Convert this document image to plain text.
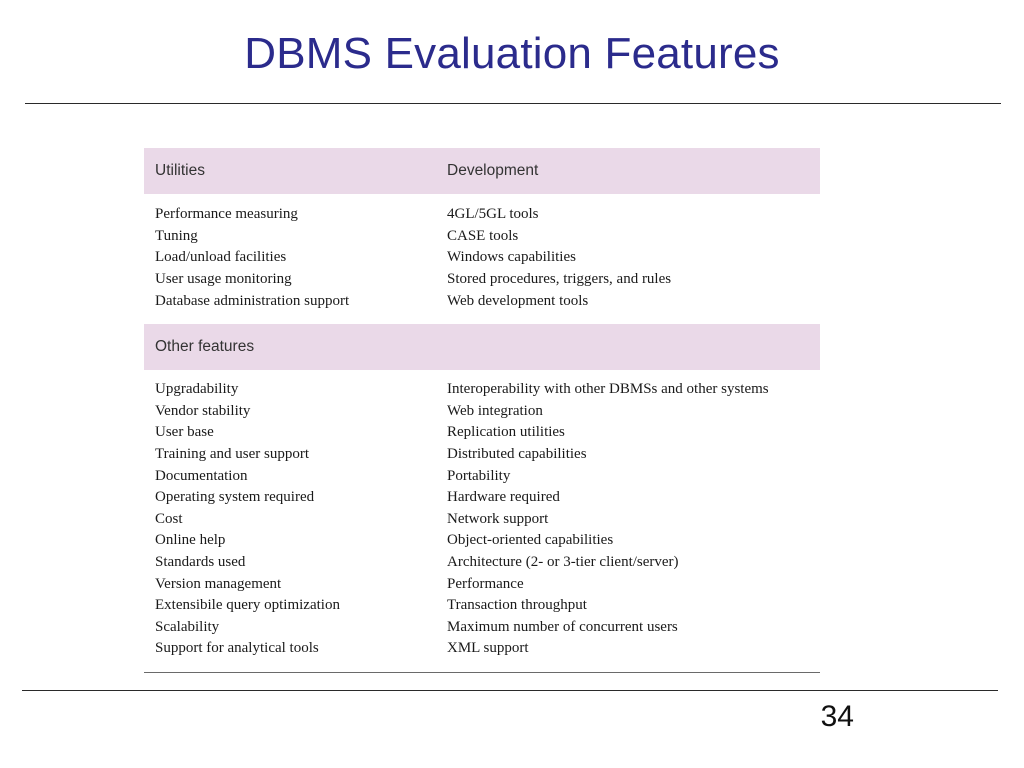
DBMS Evaluation Features
Utilities	Development
Performance measuring	4GL/5GL tools
Tuning	CASE tools
Load/unload facilities	Windows capabilities
User usage monitoring	Stored procedures, triggers, and rules
Database administration support	Web development tools
Other features
Upgradability	Interoperability with other DBMSs and other systems
Vendor stability	Web integration
User base	Replication utilities
Training and user support	Distributed capabilities
Documentation	Portability
Operating system required	Hardware required
Cost	Network support
Online help	Object-oriented capabilities
Standards used	Architecture (2- or 3-tier client/server)
Version management	Performance
Extensibile query optimization	Transaction throughput
Scalability	Maximum number of concurrent users
Support for analytical tools	XML support
34
